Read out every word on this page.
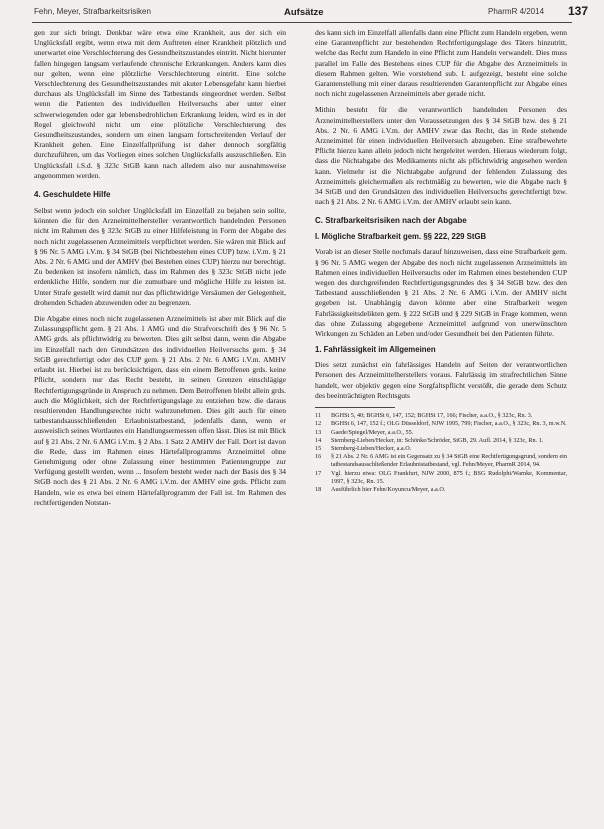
Fehn, Meyer, Strafbarkeitsrisiken	Aufsätze	PharmR 4/2014 137

gen zur sich bringt. Denkbar wäre etwa eine Krankheit, aus der sich ein Unglücksfall ergibt, wenn etwa mit dem Auftreten einer Krankheit plötzlich und unerwartet eine Verschlechterung des Gesundheitszustandes eintritt. Nicht hierunter fallen hingegen langsam verlaufende chronische Erkrankungen. Anders kann dies nur gelten, wenn eine plötzliche Verschlechterung eintritt. Eine solche Verschlechterung des Gesundheitszustandes mit akuter Lebensgefahr kann hierbei durchaus als Unglücksfall im Sinne des Tatbestands eingeordnet werden. Selbst wenn die Patienten des individuellen Heilversuchs aber unter einer schwerwiegenden oder gar lebensbedrohlichen Erkrankung leiden, wird es in der Regel gleichwohl nicht um eine plötzliche Verschlechterung des Gesundheitszustandes, sondern um einen langsam fortschreitenden Verlauf der Krankheit gehen. Eine Einzelfallprüfung ist daher dennoch sorgfältig durchzuführen, um das Vorliegen eines solchen Unglücksfalls auszuschließen. Ein Unglücksfall i.S.d. § 323c StGB kann nach alledem also nur ausnahmsweise angenommen werden.

4. Geschuldete Hilfe

Selbst wenn jedoch ein solcher Unglücksfall im Einzelfall zu bejahen sein sollte, könnten die für den Arzneimittelhersteller verantwortlich handelnden Personen nicht im Rahmen des § 323c StGB zu einer Hilfeleistung in Form der Abgabe des noch nicht zugelassenen Arzneimittels verpflichtet werden. Sie wären mit Blick auf § 96 Nr. 5 AMG i.V.m. § 34 StGB (bei Nichtbestehen eines CUP) bzw. i.V.m. § 21 Abs. 2 Nr. 6 AMG und der AMHV (bei Bestehen eines CUP) hierzu nur berechtigt. Zu bedenken ist insofern nämlich, dass im Rahmen des § 323c StGB nicht jede erdenkliche Hilfe, sondern nur die zumutbare und mögliche Hilfe zu leisten ist. Unter Strafe gestellt wird damit nur das pflichtwidrige Versäumen der Gelegenheit, drohenden Schaden abzuwenden oder zu begrenzen.

Die Abgabe eines noch nicht zugelassenen Arzneimittels ist aber mit Blick auf die Zulassungspflicht gem. § 21 Abs. 1 AMG und die Strafvorschrift des § 96 Nr. 5 AMG grds. als pflichtwidrig zu bewerten. Dies gilt selbst dann, wenn die Abgabe im Einzelfall nach den Grundsätzen des individuellen Heilversuchs gem. § 34 StGB gerechtfertigt oder des CUP gem. § 21 Abs. 2 Nr. 6 AMG i.V.m. AMHV erlaubt ist. Hierbei ist zu berücksichtigen, dass ein einem Betroffenen grds. keine Pflicht, sondern nur das Recht besteht, in seinen Grenzen einschlägige Rechtfertigungsgründe in Anspruch zu nehmen. Dem Betroffenen bleibt allein grds. auch die Möglichkeit, sich der Rechtfertigungslage zu entziehen bzw. die daraus resultierenden Handlungsrechte nicht wahrzunehmen. Dies gilt auch für einen tatbestandsausschließenden Erlaubnistatbestand, jedenfalls dann, wenn er ausweislich seines Wortlautes ein Handlungsermessen offen lässt. Dies ist mit Blick auf § 21 Abs. 2 Nr. 6 AMG i.V.m. § 2 Abs. 1 Satz 2 AMHV der Fall. Dort ist davon die Rede, dass im Rahmen eines Härtefallprogramms Arzneimittel ohne Genehmigung oder ohne Zulassung einer bestimmten Patientengruppe zur Verfügung gestellt werden, wenn ... Insofern besteht weder nach der Basis des § 34 StGB noch des § 21 Abs. 2 Nr. 6 AMG i.V.m. der AMHV eine grds. Pflicht zum Handeln, wie es etwa bei einem Härtefallprogramm der Fall ist. Im Rahmen des rechtfertigenden Notstan-

des kann sich im Einzelfall allenfalls dann eine Pflicht zum Handeln ergeben, wenn eine Garantenpflicht zur bestehenden Rechtfertigungslage des Täters hinzutritt, welche das Recht zum Handeln in eine Pflicht zum Handeln verwandelt. Dies muss parallel im Falle des Bestehens eines CUP für die Abgabe des Arzneimittels in diesem Rahmen gelten. Wie vorstehend sub. I. aufgezeigt, besteht eine solche Garantenstellung mit einer daraus resultierenden Garantenpflicht zur Abgabe eines noch nicht zugelassenen Arzneimittels aber gerade nicht.

Mithin besteht für die verantwortlich handelnden Personen des Arzneimittelherstellers unter den Voraussetzungen des § 34 StGB bzw. des § 21 Abs. 2 Nr. 6 AMG i.V.m. der AMHV zwar das Recht, das in Rede stehende Arzneimittel für einen individuellen Heilversuch abzugeben. Eine strafbewehrte Pflicht hierzu kann allein jedoch nicht hergeleitet werden. Hieraus wiederum folgt, dass die Nichtabgabe des Medikaments nicht als pflichtwidrig angesehen werden kann. Vielmehr ist die Nichtabgabe aufgrund der fehlenden Zulassung des Arzneimittels gleichermaßen als rechtmäßig zu bewerten, wie die Abgabe nach § 34 StGB und den Grundsätzen des individuellen Heilversuchs gerechtfertigt bzw. nach § 21 Abs. 2 Nr. 6 AMG i.V.m. der AMHV erlaubt sein kann.

C. Strafbarkeitsrisiken nach der Abgabe
I. Mögliche Strafbarkeit gem. §§ 222, 229 StGB

Vorab ist an dieser Stelle nochmals darauf hinzuweisen, dass eine Strafbarkeit gem. § 96 Nr. 5 AMG wegen der Abgabe des noch nicht zugelassenen Arzneimittels im Rahmen eines individuellen Heilversuchs oder im Rahmen eines bestehenden CUP wegen des durchgreifenden Rechtfertigungsgrundes des § 34 StGB bzw. des den Tatbestand ausschließenden § 21 Abs. 2 Nr. 6 AMG i.V.m. der AMHV nicht gegeben ist. Unabhängig davon könnte aber eine Strafbarkeit wegen Fahrlässigkeitsdelikten gem. § 222 StGB und § 229 StGB in Frage kommen, wenn das ohne Zulassung abgegebene Arzneimittel aufgrund von unerwünschten Wirkungen zu Schäden an Leben und/oder Gesundheit bei den Patienten führte.

1. Fahrlässigkeit im Allgemeinen

Dies setzt zunächst ein fahrlässiges Handeln auf Seiten der verantwortlichen Personen des Arzneimittelherstellers voraus. Fahrlässig im strafrechtlichen Sinne handelt, wer objektiv gegen eine Sorgfaltspflicht verstößt, die gerade dem Schutz des beeinträchtigten Rechtsguts

11	BGHSt 5, 40; BGHSt 6, 147, 152; BGHSt 17, 166; Fischer, a.a.O., § 323c, Rn. 3.
12	BGHSt 6, 147, 152 f.; OLG Düsseldorf, NJW 1995, 799; Fischer, a.a.O., § 323c, Rn. 3, m.w.N.
13	Gaede/Spiegel/Meyer, a.a.O., 55.
14	Sternberg-Lieben/Hecker, in: Schönke/Schröder, StGB, 29. Aufl. 2014, § 323c, Rn. 1.
15	Sternberg-Lieben/Hecker, a.a.O.
16	§ 21 Abs. 2 Nr. 6 AMG ist ein Gegensatz zu § 34 StGB eine Rechtfertigungsgrund, sondern ein tatbestandsausschließender Erlaubnistatbestand, vgl. Fehn/Meyer, PharmR 2014, 94.
17	Vgl. hierzu etwa: OLG Frankfurt, NJW 2000, 875 f.; BSG Rudolphi/Warnke, Kommentar, 1997, § 323c, Rn. 15.
18	Ausführlich hier Fehn/Koyuncu/Meyer, a.a.O.
